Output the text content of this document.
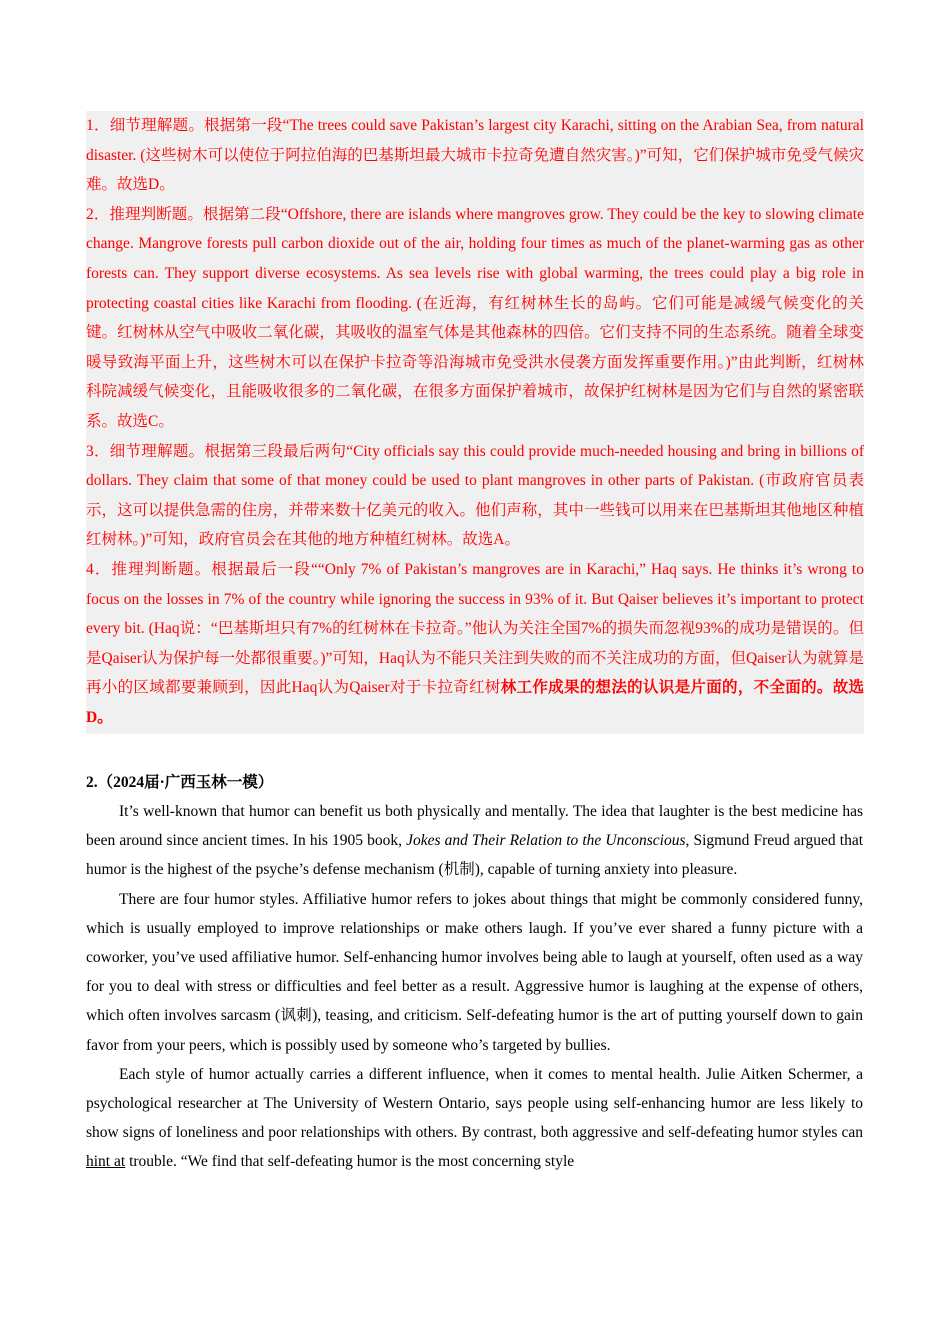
1．细节理解题。根据第一段“The trees could save Pakistan’s largest city Karachi, sitting on the Arabian Sea, from natural disaster. (这些树木可以使位于阿拉伯海的巴基斯坦最大城市卡拉奇免遭自然灾害。)”可知，它们保护城市免受气候灾难。故选D。

2．推理判断题。根据第二段“Offshore, there are islands where mangroves grow. They could be the key to slowing climate change. Mangrove forests pull carbon dioxide out of the air, holding four times as much of the planet-warming gas as other forests can. They support diverse ecosystems. As sea levels rise with global warming, the trees could play a big role in protecting coastal cities like Karachi from flooding. (在近海，有红树林生长的岛屿。它们可能是减缓气候变化的关键。红树林从空气中吸收二氧化碳，其吸收的温室气体是其他森林的四倍。它们支持不同的生态系统。随着全球变暖导致海平面上升，这些树木可以在保护卡拉奇等沿海城市免受洪水侵袭方面发挥重要作用。)”由此判断，红树林科院减缓气候变化，且能吸收很多的二氧化碳，在很多方面保护着城市，故保护红树林是因为它们与自然的紧密联系。故选C。

3．细节理解题。根据第三段最后两句“City officials say this could provide much-needed housing and bring in billions of dollars. They claim that some of that money could be used to plant mangroves in other parts of Pakistan. (市政府官员表示，这可以提供急需的住房，并带来数十亿美元的收入。他们声称，其中一些钱可以用来在巴基斯坦其他地区种植红树林。)”可知，政府官员会在其他的地方种植红树林。故选A。

4．推理判断题。根据最后一段““Only 7% of Pakistan’s mangroves are in Karachi,” Haq says. He thinks it’s wrong to focus on the losses in 7% of the country while ignoring the success in 93% of it. But Qaiser believes it’s important to protect every bit. (Haq说：“巴基斯坦只有7%的红树林在卡拉奇。”他认为关注全国7%的损失而忽视93%的成功是错误的。但是Qaiser认为保护每一处都很重要。)”可知，Haq认为不能只关注到失败的而不关注成功的方面，但Qaiser认为就算是再小的区域都要兼顾到，因此Haq认为Qaiser对于卡拉奇红树林工作成果的想法的认识是片面的，不全面的。故选D。

2.（2024届·广西玉林一模）

It’s well-known that humor can benefit us both physically and mentally. The idea that laughter is the best medicine has been around since ancient times. In his 1905 book, Jokes and Their Relation to the Unconscious, Sigmund Freud argued that humor is the highest of the psyche’s defense mechanism (机制), capable of turning anxiety into pleasure.

There are four humor styles. Affiliative humor refers to jokes about things that might be commonly considered funny, which is usually employed to improve relationships or make others laugh. If you’ve ever shared a funny picture with a coworker, you’ve used affiliative humor. Self-enhancing humor involves being able to laugh at yourself, often used as a way for you to deal with stress or difficulties and feel better as a result. Aggressive humor is laughing at the expense of others, which often involves sarcasm (讽刺), teasing, and criticism. Self-defeating humor is the art of putting yourself down to gain favor from your peers, which is possibly used by someone who’s targeted by bullies.

Each style of humor actually carries a different influence, when it comes to mental health. Julie Aitken Schermer, a psychological researcher at The University of Western Ontario, says people using self-enhancing humor are less likely to show signs of loneliness and poor relationships with others. By contrast, both aggressive and self-defeating humor styles can hint at trouble. “We find that self-defeating humor is the most concerning style
